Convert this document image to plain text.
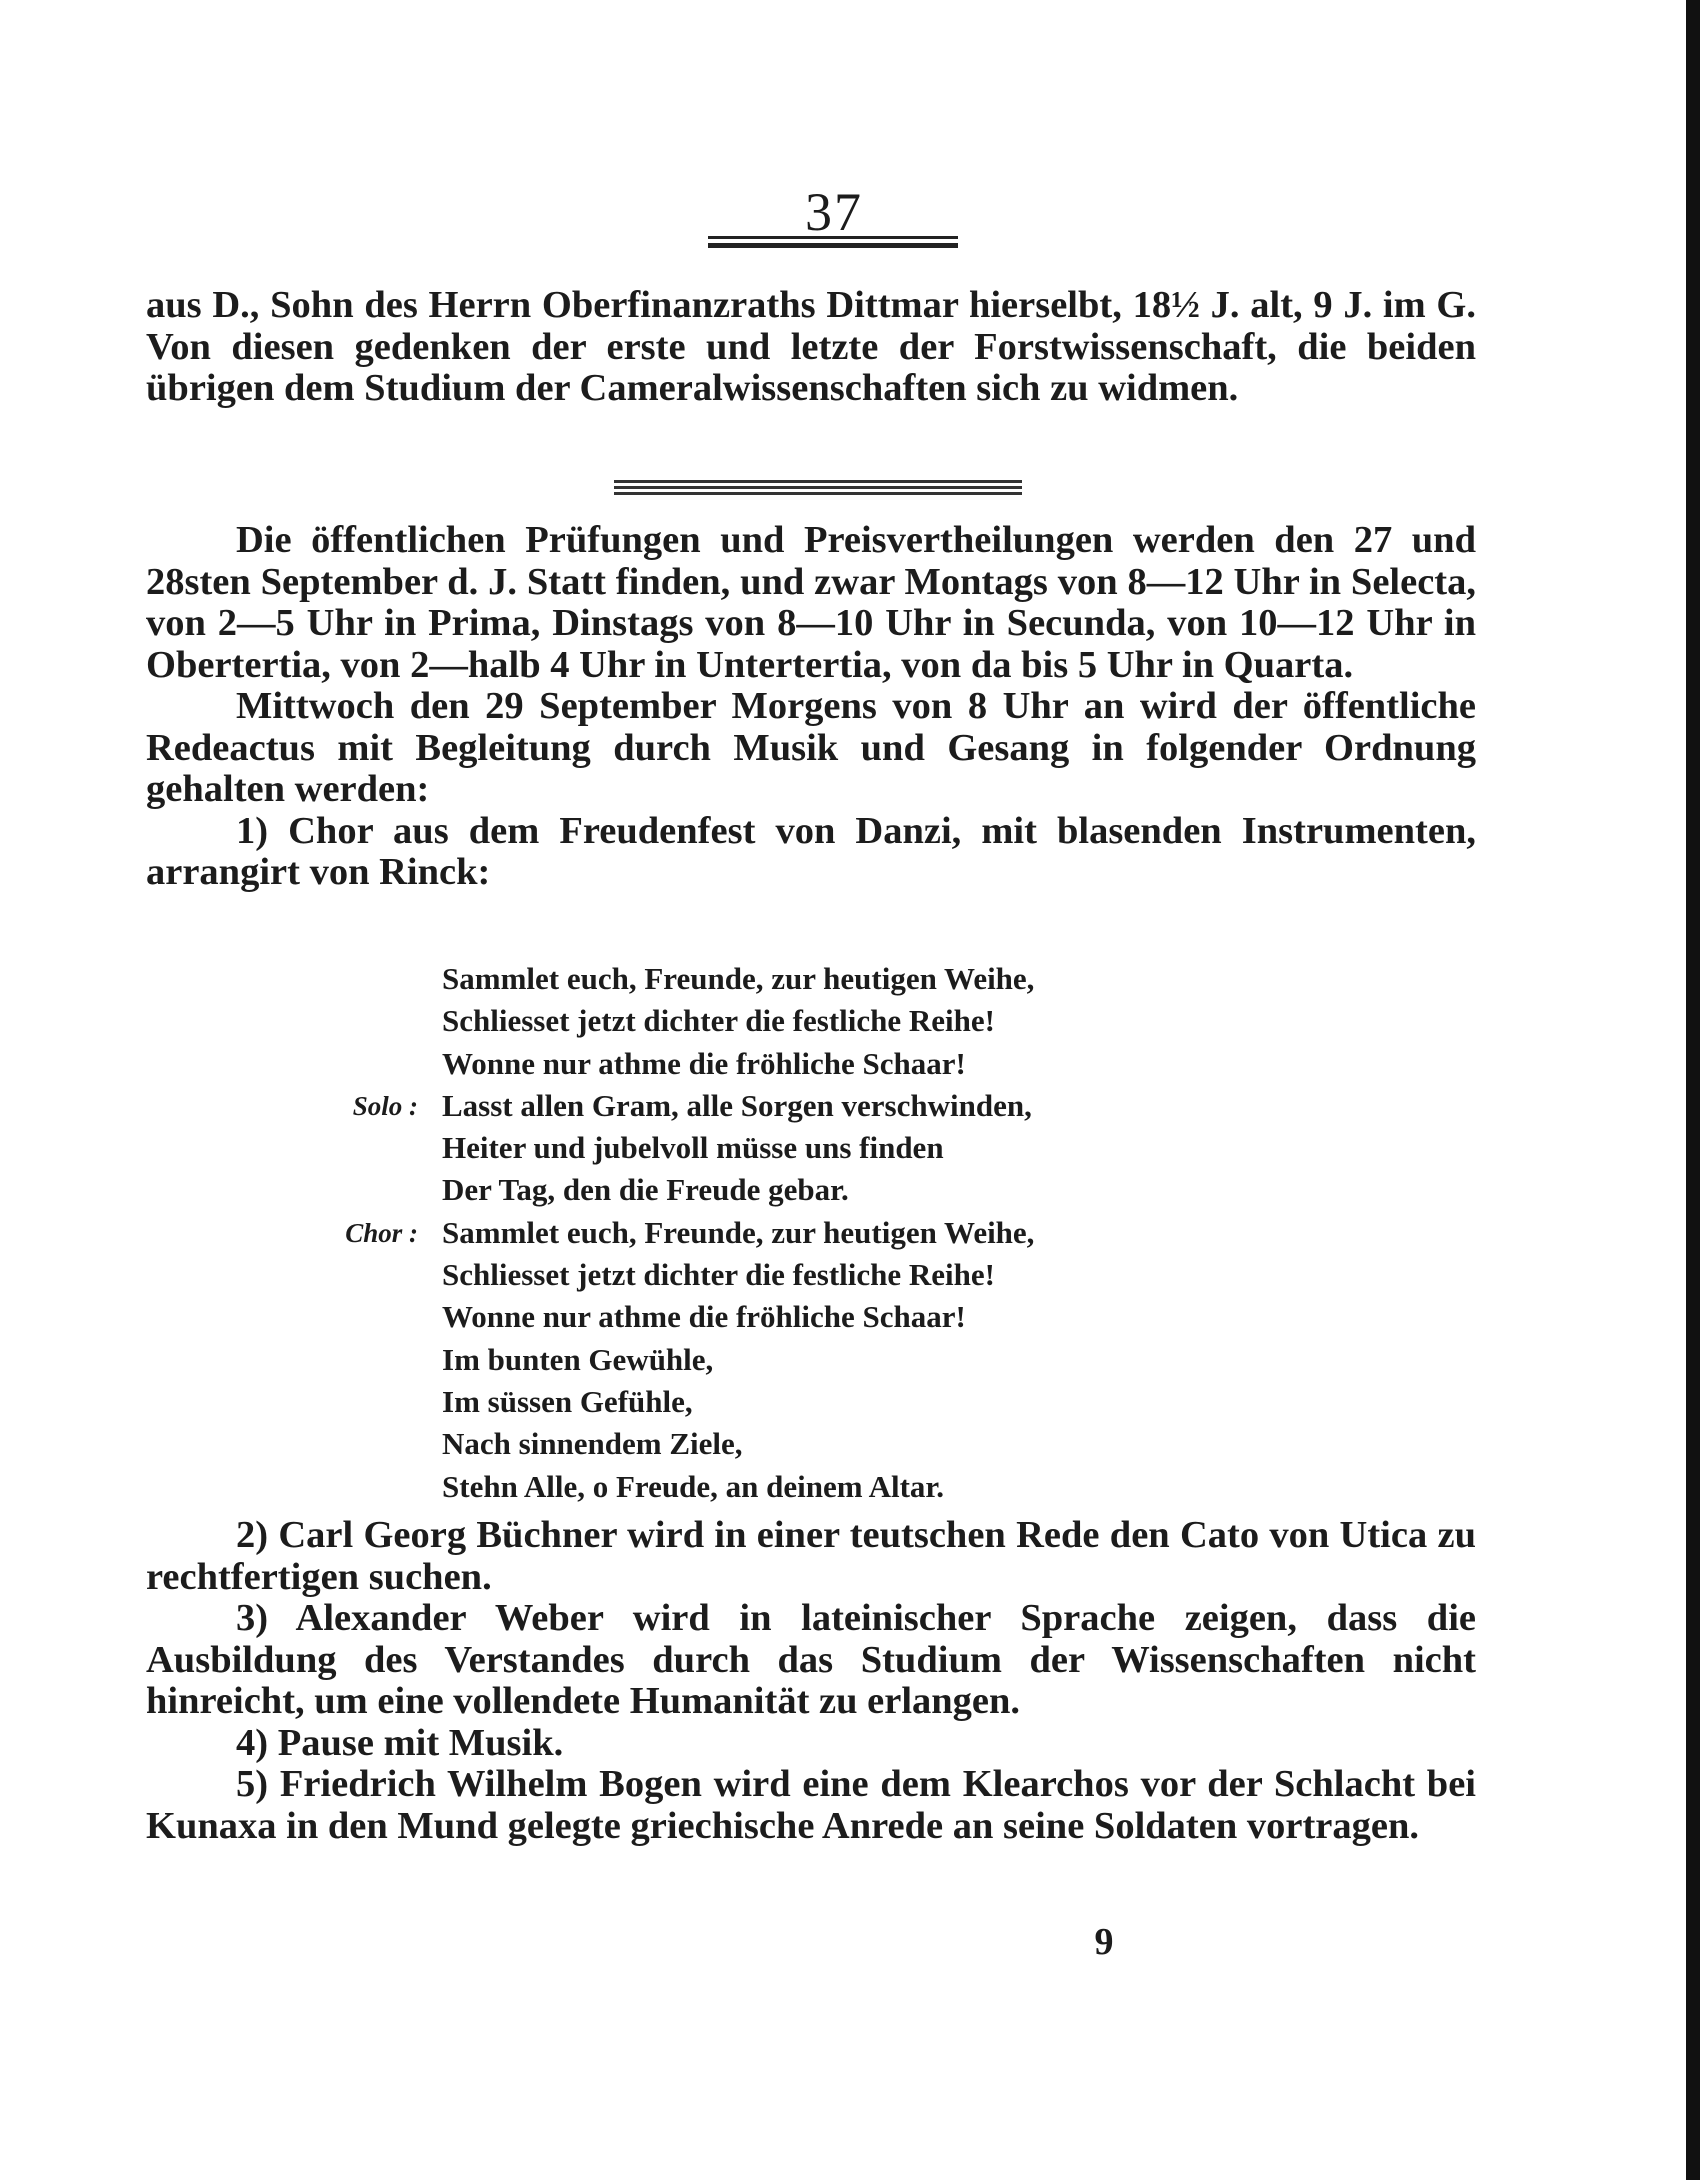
37

aus D., Sohn des Herrn Oberfinanzraths Dittmar hierselbt, 18½ J. alt, 9 J. im G. Von diesen gedenken der erste und letzte der Forstwissenschaft, die beiden übrigen dem Studium der Cameralwissenschaften sich zu widmen.

Die öffentlichen Prüfungen und Preisvertheilungen werden den 27 und 28sten September d. J. Statt finden, und zwar Montags von 8—12 Uhr in Selecta, von 2—5 Uhr in Prima, Dinstags von 8—10 Uhr in Secunda, von 10—12 Uhr in Obertertia, von 2—halb 4 Uhr in Untertertia, von da bis 5 Uhr in Quarta.

Mittwoch den 29 September Morgens von 8 Uhr an wird der öffentliche Redeactus mit Begleitung durch Musik und Gesang in folgender Ordnung gehalten werden:

1) Chor aus dem Freudenfest von Danzi, mit blasenden Instrumenten, arrangirt von Rinck:

Sammlet euch, Freunde, zur heutigen Weihe,
Schliesset jetzt dichter die festliche Reihe!
Wonne nur athme die fröhliche Schaar!
Solo : Lasst allen Gram, alle Sorgen verschwinden,
Heiter und jubelvoll müsse uns finden
Der Tag, den die Freude gebar.
Chor : Sammlet euch, Freunde, zur heutigen Weihe,
Schliesset jetzt dichter die festliche Reihe!
Wonne nur athme die fröhliche Schaar!
Im bunten Gewühle,
Im süssen Gefühle,
Nach sinnendem Ziele,
Stehn Alle, o Freude, an deinem Altar.

2) Carl Georg Büchner wird in einer teutschen Rede den Cato von Utica zu rechtfertigen suchen.

3) Alexander Weber wird in lateinischer Sprache zeigen, dass die Ausbildung des Verstandes durch das Studium der Wissenschaften nicht hinreicht, um eine vollendete Humanität zu erlangen.

4) Pause mit Musik.

5) Friedrich Wilhelm Bogen wird eine dem Klearchos vor der Schlacht bei Kunaxa in den Mund gelegte griechische Anrede an seine Soldaten vortragen.

9
